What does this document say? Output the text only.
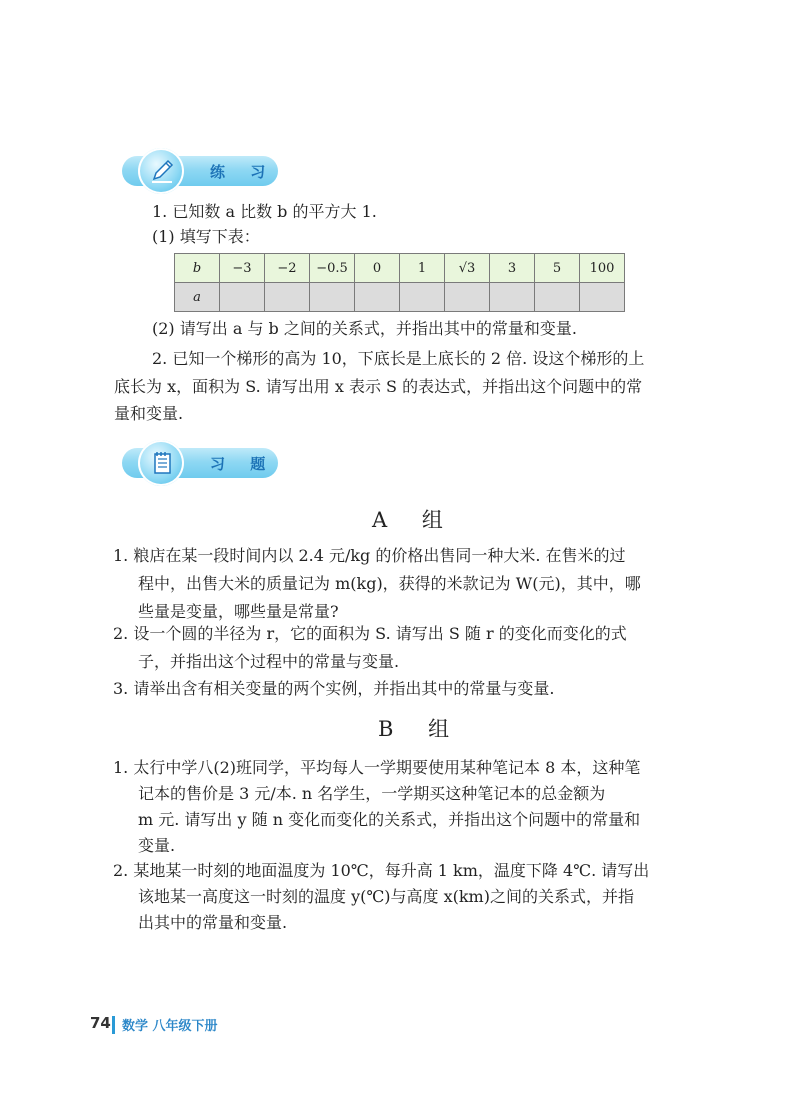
练 习
1. 已知数 a 比数 b 的平方大 1.
(1) 填写下表：
b	−3	−2	−0.5	0	1	√3	3	5	100
a									
(2) 请写出 a 与 b 之间的关系式，并指出其中的常量和变量.
2. 已知一个梯形的高为 10，下底长是上底长的 2 倍. 设这个梯形的上
底长为 x，面积为 S. 请写出用 x 表示 S 的表达式，并指出这个问题中的常
量和变量.
习 题
A 组
1. 粮店在某一段时间内以 2.4 元/kg 的价格出售同一种大米. 在售米的过
程中，出售大米的质量记为 m(kg)，获得的米款记为 W(元)，其中，哪
些量是变量，哪些量是常量?
2. 设一个圆的半径为 r，它的面积为 S. 请写出 S 随 r 的变化而变化的式
子，并指出这个过程中的常量与变量.
3. 请举出含有相关变量的两个实例，并指出其中的常量与变量.
B 组
1. 太行中学八(2)班同学，平均每人一学期要使用某种笔记本 8 本，这种笔
记本的售价是 3 元/本. n 名学生，一学期买这种笔记本的总金额为
m 元. 请写出 y 随 n 变化而变化的关系式，并指出这个问题中的常量和
变量.
2. 某地某一时刻的地面温度为 10℃，每升高 1 km，温度下降 4℃. 请写出
该地某一高度这一时刻的温度 y(℃)与高度 x(km)之间的关系式，并指
出其中的常量和变量.
74 数学 八年级下册
